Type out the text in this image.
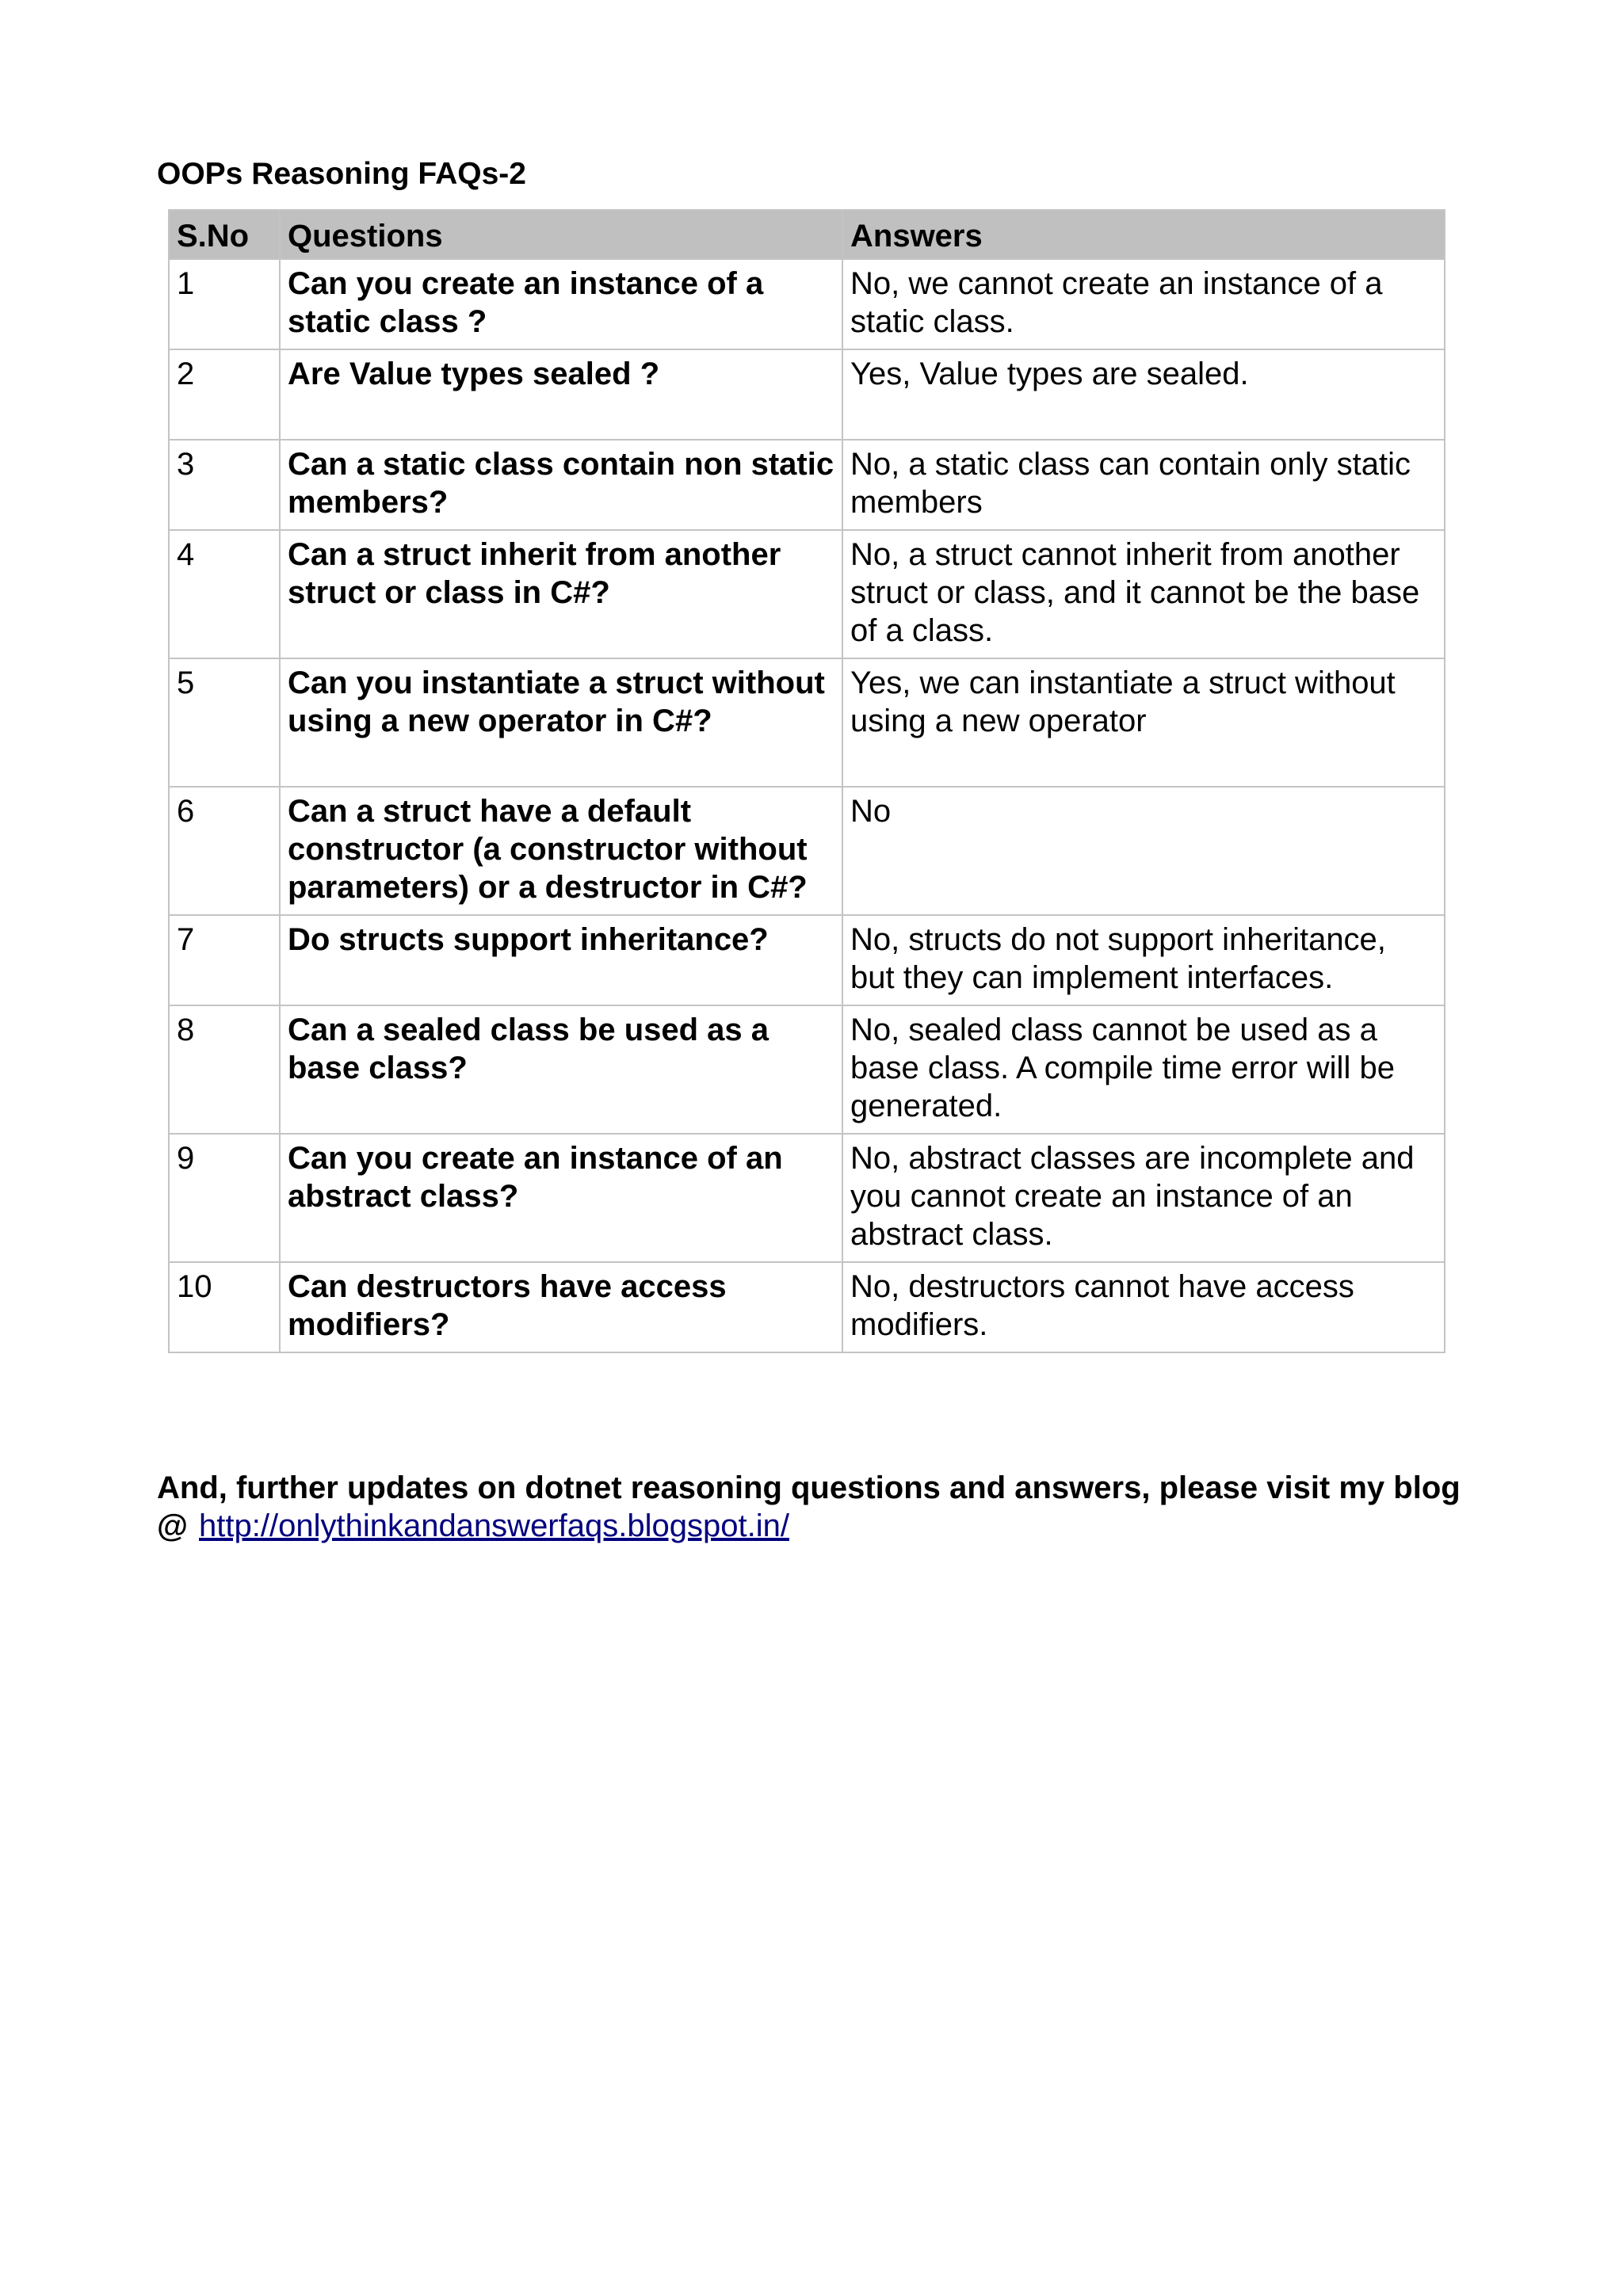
OOPs Reasoning FAQs-2
S.No	Questions	Answers
1	Can you create an instance of a static class ?	No, we cannot create an instance of a static class.
2	Are Value types sealed ?	Yes, Value types are sealed.
3	Can a static class contain non static members?	No, a static class can contain only static members
4	Can a struct inherit from another struct or class in C#?	No, a struct cannot inherit from another struct or class, and it cannot be the base of a class.
5	Can you instantiate a struct without using a new operator in C#?	Yes, we can instantiate a struct without using a new operator
6	Can a struct have a default constructor (a constructor without parameters) or a destructor in C#?	No
7	Do structs support inheritance?	No, structs do not support inheritance, but they can implement interfaces.
8	Can a sealed class be used as a base class?	No, sealed class cannot be used as a base class. A compile time error will be generated.
9	Can you create an instance of an abstract class?	No, abstract classes are incomplete and you cannot create an instance of an abstract class.
10	Can destructors have access modifiers?	No, destructors cannot have access modifiers.

And, further updates on dotnet reasoning questions and answers, please visit my blog @ http://onlythinkandanswerfaqs.blogspot.in/
